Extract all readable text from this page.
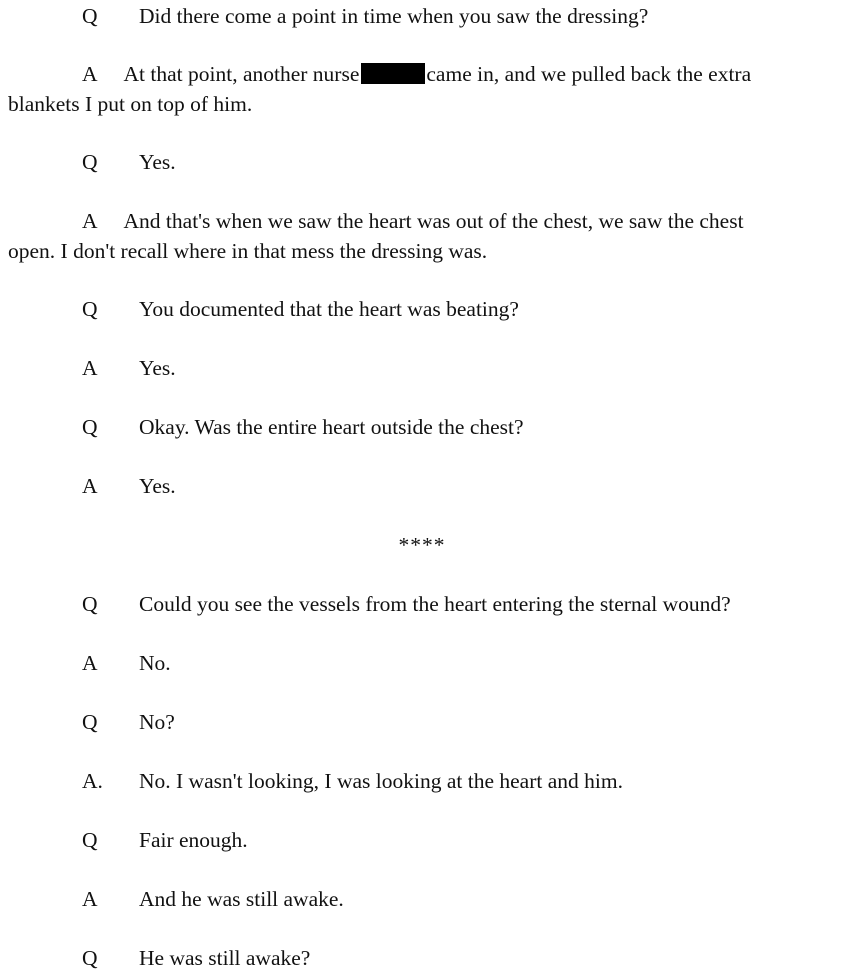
Q Did there come a point in time when you saw the dressing?
A At that point, another nurse	came in, and we pulled back the extra
blankets I put on top of him.
Q Yes.
A And that's when we saw the heart was out of the chest, we saw the chest
open. I don't recall where in that mess the dressing was.
Q You documented that the heart was beating?
A Yes.
Q Okay. Was the entire heart outside the chest?
A Yes.
****
Q Could you see the vessels from the heart entering the sternal wound?
A No.
Q No?
A. No. I wasn't looking, I was looking at the heart and him.
Q Fair enough.
A And he was still awake.
Q He was still awake?
